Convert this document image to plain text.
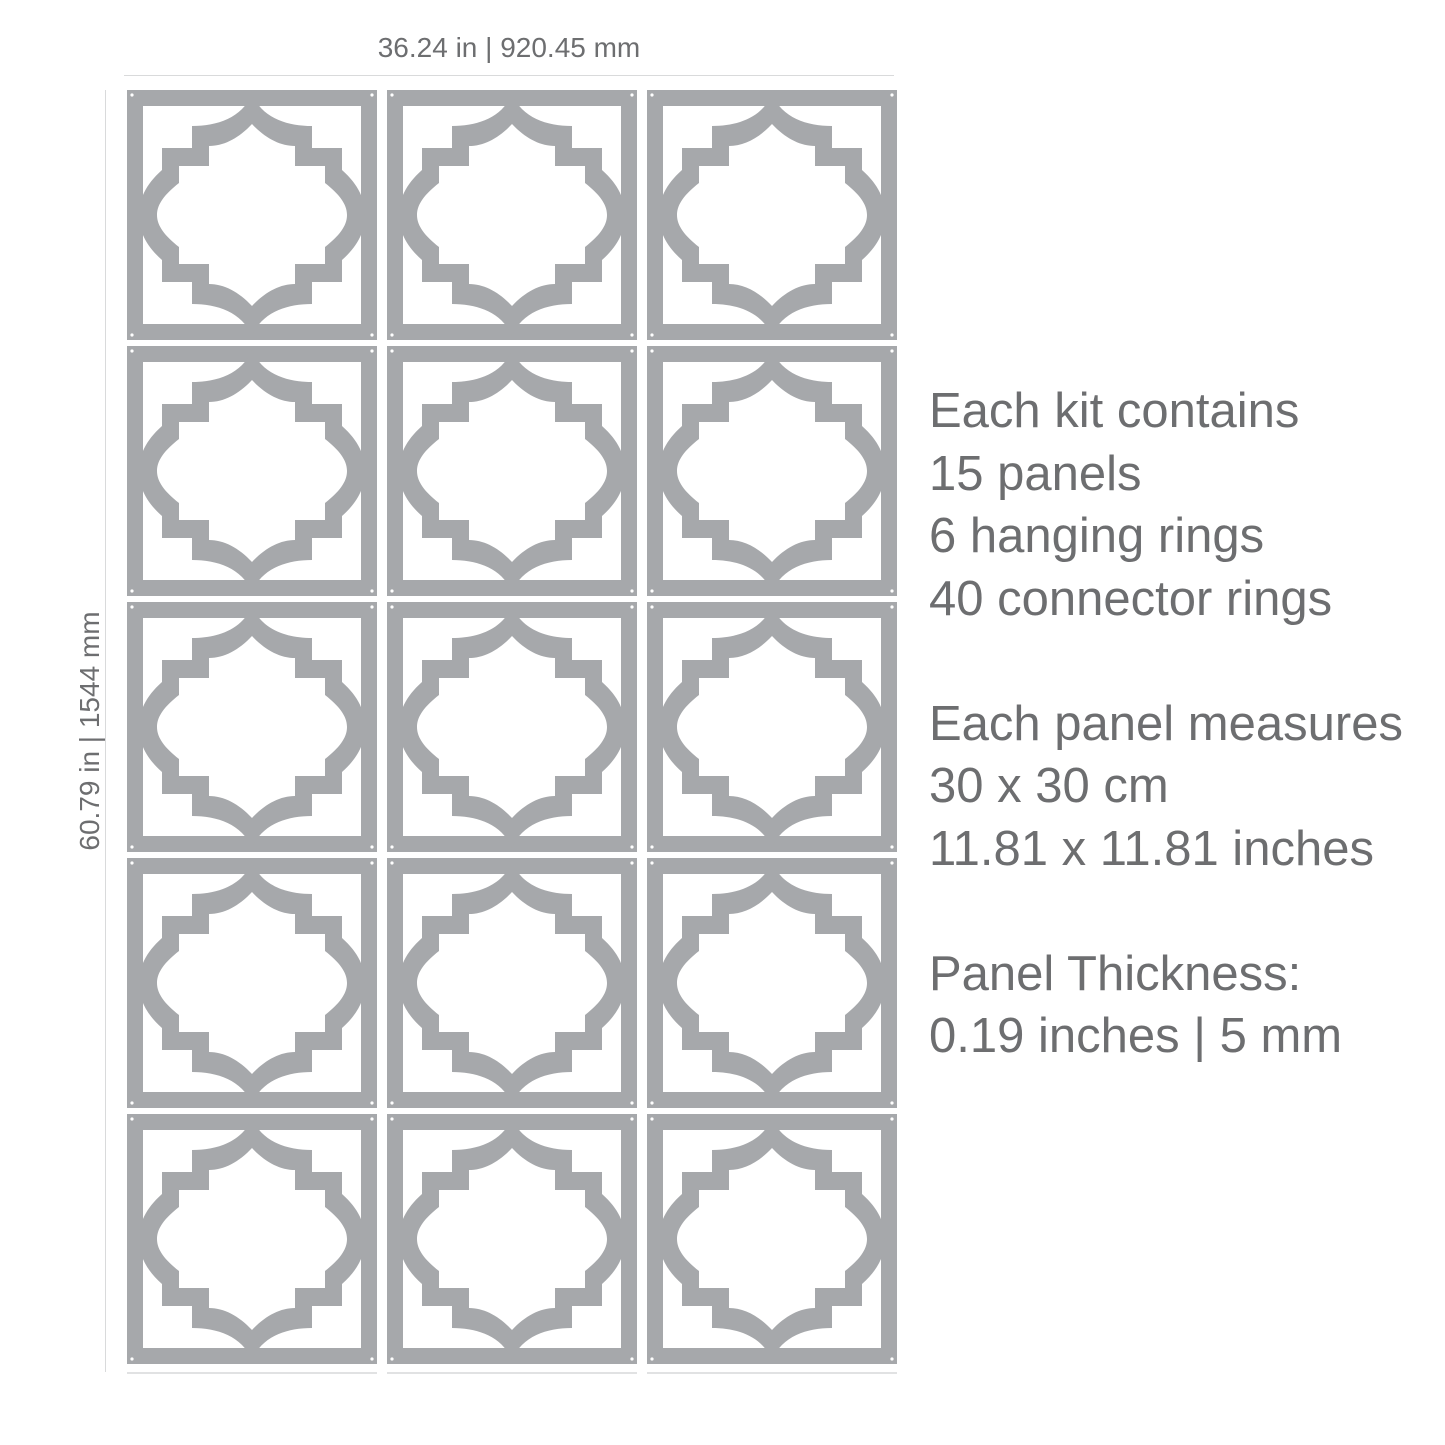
36.24 in | 920.45 mm
60.79 in | 1544 mm
Each kit contains
15 panels
6 hanging rings
40 connector rings
Each panel measures
30 x 30 cm
11.81 x 11.81 inches
Panel Thickness:
0.19 inches | 5 mm
